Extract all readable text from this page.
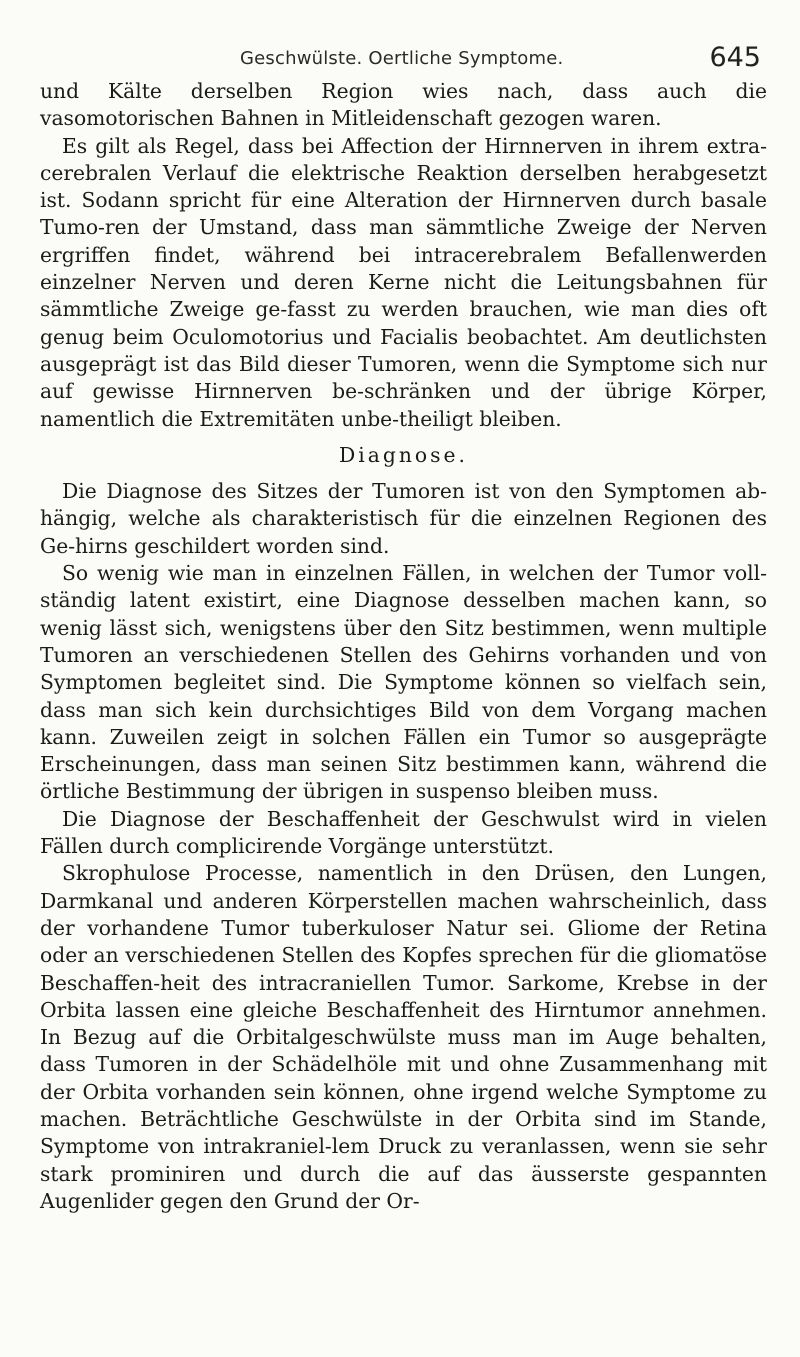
Geschwülste. Oertliche Symptome.	645

und Kälte derselben Region wies nach, dass auch die vasomotorischen Bahnen in Mitleidenschaft gezogen waren.

Es gilt als Regel, dass bei Affection der Hirnnerven in ihrem extra-cerebralen Verlauf die elektrische Reaktion derselben herabgesetzt ist. Sodann spricht für eine Alteration der Hirnnerven durch basale Tumo-ren der Umstand, dass man sämmtliche Zweige der Nerven ergriffen findet, während bei intracerebralem Befallenwerden einzelner Nerven und deren Kerne nicht die Leitungsbahnen für sämmtliche Zweige ge-fasst zu werden brauchen, wie man dies oft genug beim Oculomotorius und Facialis beobachtet. Am deutlichsten ausgeprägt ist das Bild dieser Tumoren, wenn die Symptome sich nur auf gewisse Hirnnerven be-schränken und der übrige Körper, namentlich die Extremitäten unbe-theiligt bleiben.

Diagnose.

Die Diagnose des Sitzes der Tumoren ist von den Symptomen ab-hängig, welche als charakteristisch für die einzelnen Regionen des Ge-hirns geschildert worden sind.

So wenig wie man in einzelnen Fällen, in welchen der Tumor voll-ständig latent existirt, eine Diagnose desselben machen kann, so wenig lässt sich, wenigstens über den Sitz bestimmen, wenn multiple Tumoren an verschiedenen Stellen des Gehirns vorhanden und von Symptomen begleitet sind. Die Symptome können so vielfach sein, dass man sich kein durchsichtiges Bild von dem Vorgang machen kann. Zuweilen zeigt in solchen Fällen ein Tumor so ausgeprägte Erscheinungen, dass man seinen Sitz bestimmen kann, während die örtliche Bestimmung der übrigen in suspenso bleiben muss.

Die Diagnose der Beschaffenheit der Geschwulst wird in vielen Fällen durch complicirende Vorgänge unterstützt.

Skrophulose Processe, namentlich in den Drüsen, den Lungen, Darmkanal und anderen Körperstellen machen wahrscheinlich, dass der vorhandene Tumor tuberkuloser Natur sei. Gliome der Retina oder an verschiedenen Stellen des Kopfes sprechen für die gliomatöse Beschaffen-heit des intracraniellen Tumor. Sarkome, Krebse in der Orbita lassen eine gleiche Beschaffenheit des Hirntumor annehmen. In Bezug auf die Orbitalgeschwülste muss man im Auge behalten, dass Tumoren in der Schädelhöle mit und ohne Zusammenhang mit der Orbita vorhanden sein können, ohne irgend welche Symptome zu machen. Beträchtliche Geschwülste in der Orbita sind im Stande, Symptome von intrakraniel-lem Druck zu veranlassen, wenn sie sehr stark prominiren und durch die auf das äusserste gespannten Augenlider gegen den Grund der Or-
